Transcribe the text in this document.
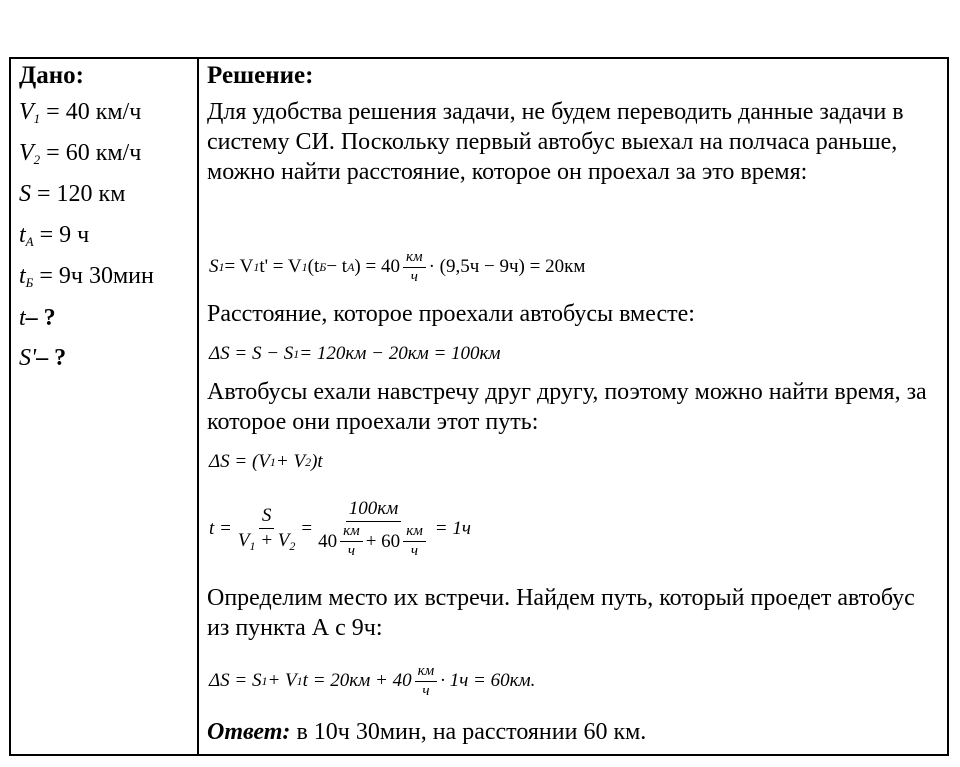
Дано:
$V_1 = 40$ км/ч
$V_2 = 60$ км/ч
S = 120 км
$t_A = 9$ ч
$t_Б = 9ч$ 30мин
t– ?
S'– ?
Решение:
Для удобства решения задачи, не будем переводить данные задачи в систему СИ. Поскольку первый автобус выехал на полчаса раньше, можно найти расстояние, которое он проехал за это время:
S 1 = V 1 t' = V 1 (t Б − t A ) = $40 \frac{км}{ч} \cdot (9,5ч - 9ч) = 20км$
Расстояние, которое проехали автобусы вместе:
ΔS = S − S 1 = 120км − 20км = 100км
Автобусы ехали навстречу друг другу, поэтому можно найти время, за которое они проехали этот путь:
ΔS = (V 1 + V 2 )t
$t = \frac{S}{V_1 + V_2} = \frac{100км}{40 \frac{км}{ч} + 60 \frac{км}{ч}} = 1ч$
Определим место их встречи. Найдем путь, который проедет автобус из пункта А с 9ч:
ΔS = S 1 + V 1 $t = 20км + 40 \frac{км}{ч} \cdot 1ч = 60км$.
Ответ: в 10ч 30мин, на расстоянии 60 км.
